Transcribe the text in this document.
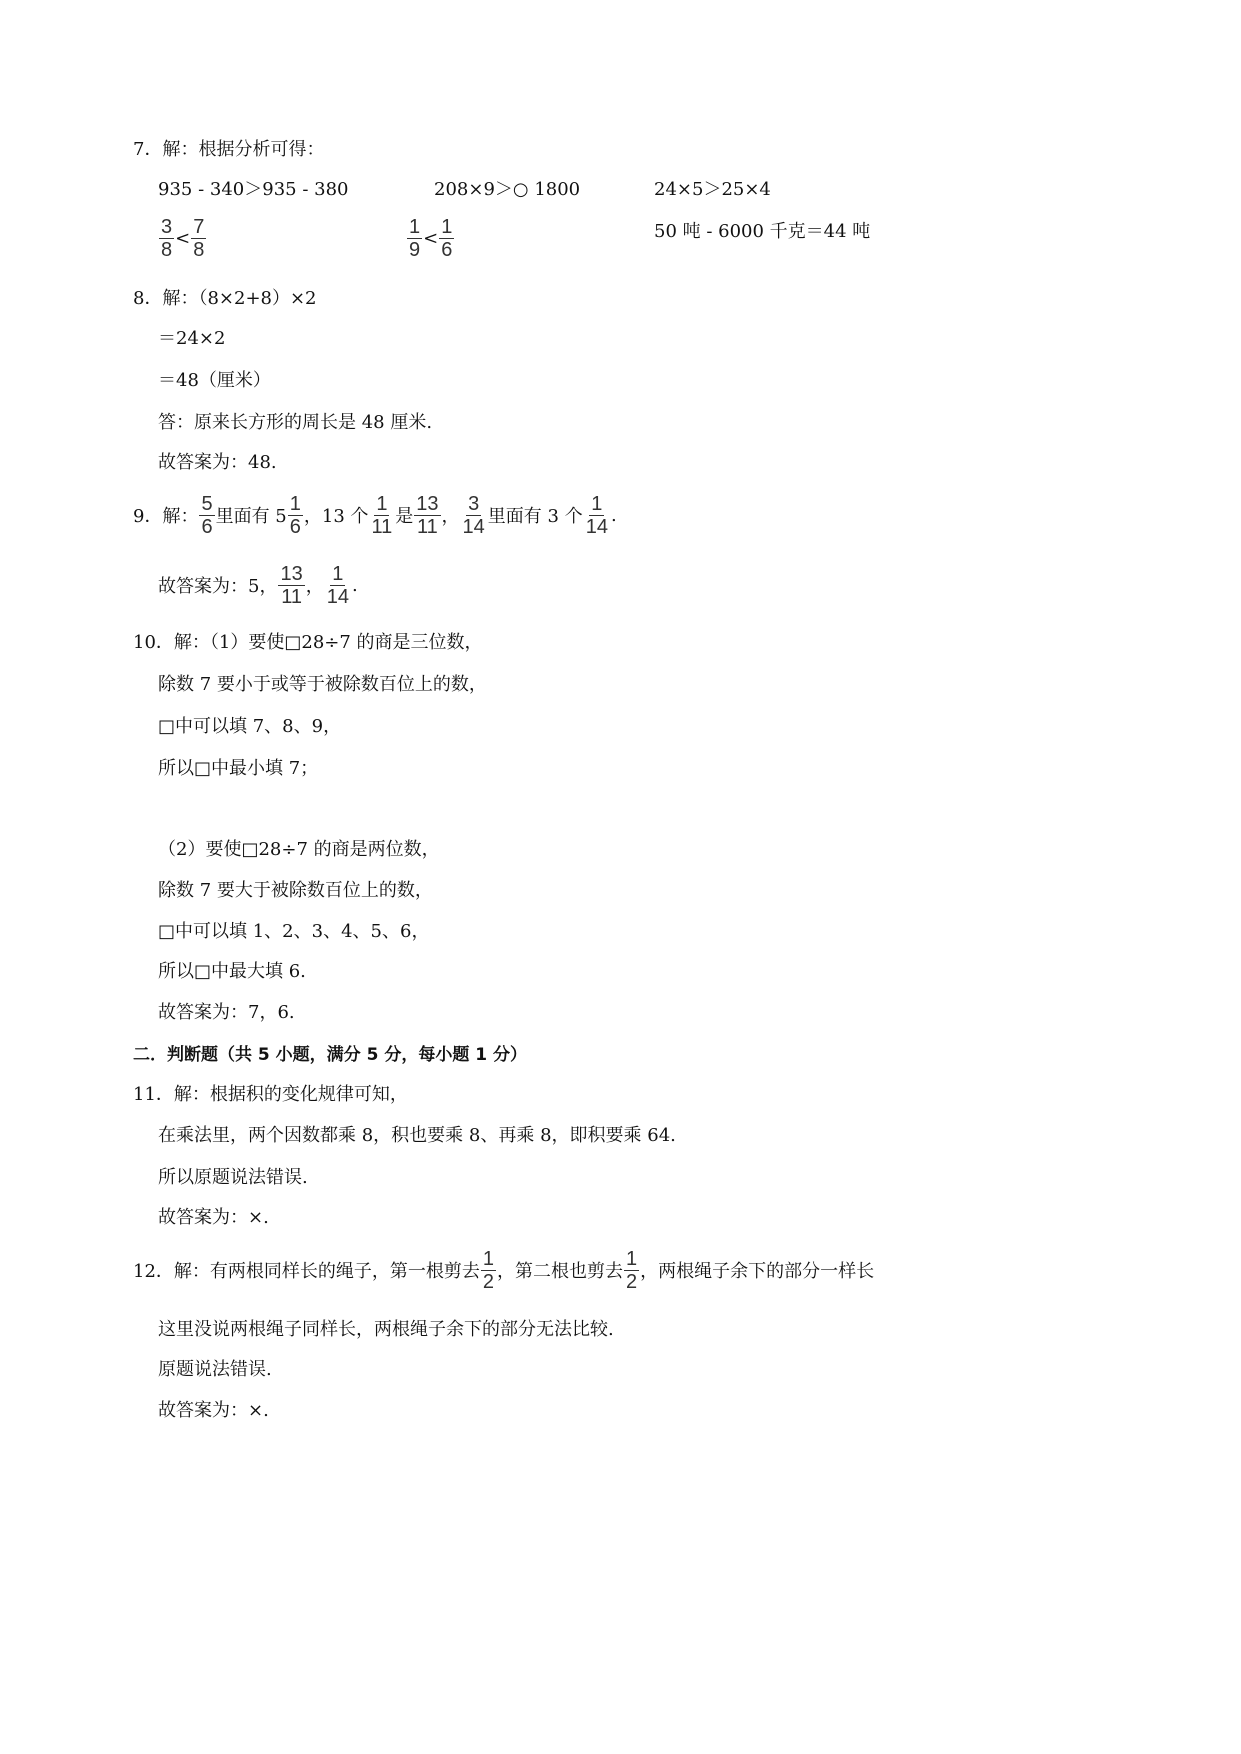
7．解：根据分析可得：
935 - 340＞935 - 380	208×9＞○ 1800	24×5＞25×4
$\frac{3}{8} < \frac{7}{8}$	$\frac{1}{9} < \frac{1}{6}$	50 吨 - 6000 千克＝44 吨
8．解：（8×2+8）×2
＝24×2
＝48（厘米）
答：原来长方形的周长是 48 厘米.
故答案为：48.
9．解： $\frac{5}{6}$ 里面有 $5 \frac{1}{6}$ ，13 个 $\frac{1}{11}$ 是 $\frac{13}{11}$ ， $\frac{3}{14}$ 里面有 3 个 $\frac{1}{14}$ .
故答案为：5， $\frac{13}{11}$ ， $\frac{1}{14}$ .
10．解：（1）要使□28÷7 的商是三位数，
除数 7 要小于或等于被除数百位上的数，
□中可以填 7、8、9，
所以□中最小填 7；
（2）要使□28÷7 的商是两位数，
除数 7 要大于被除数百位上的数，
□中可以填 1、2、3、4、5、6，
所以□中最大填 6.
故答案为：7，6.
二．判断题（共 5 小题，满分 5 分，每小题 1 分）
11．解：根据积的变化规律可知，
在乘法里，两个因数都乘 8，积也要乘 8、再乘 8，即积要乘 64.
所以原题说法错误.
故答案为：×.
12．解：有两根同样长的绳子，第一根剪去 $\frac{1}{2}$ ，第二根也剪去 $\frac{1}{2}$ ，两根绳子余下的部分一样长
这里没说两根绳子同样长，两根绳子余下的部分无法比较.
原题说法错误.
故答案为：×.
